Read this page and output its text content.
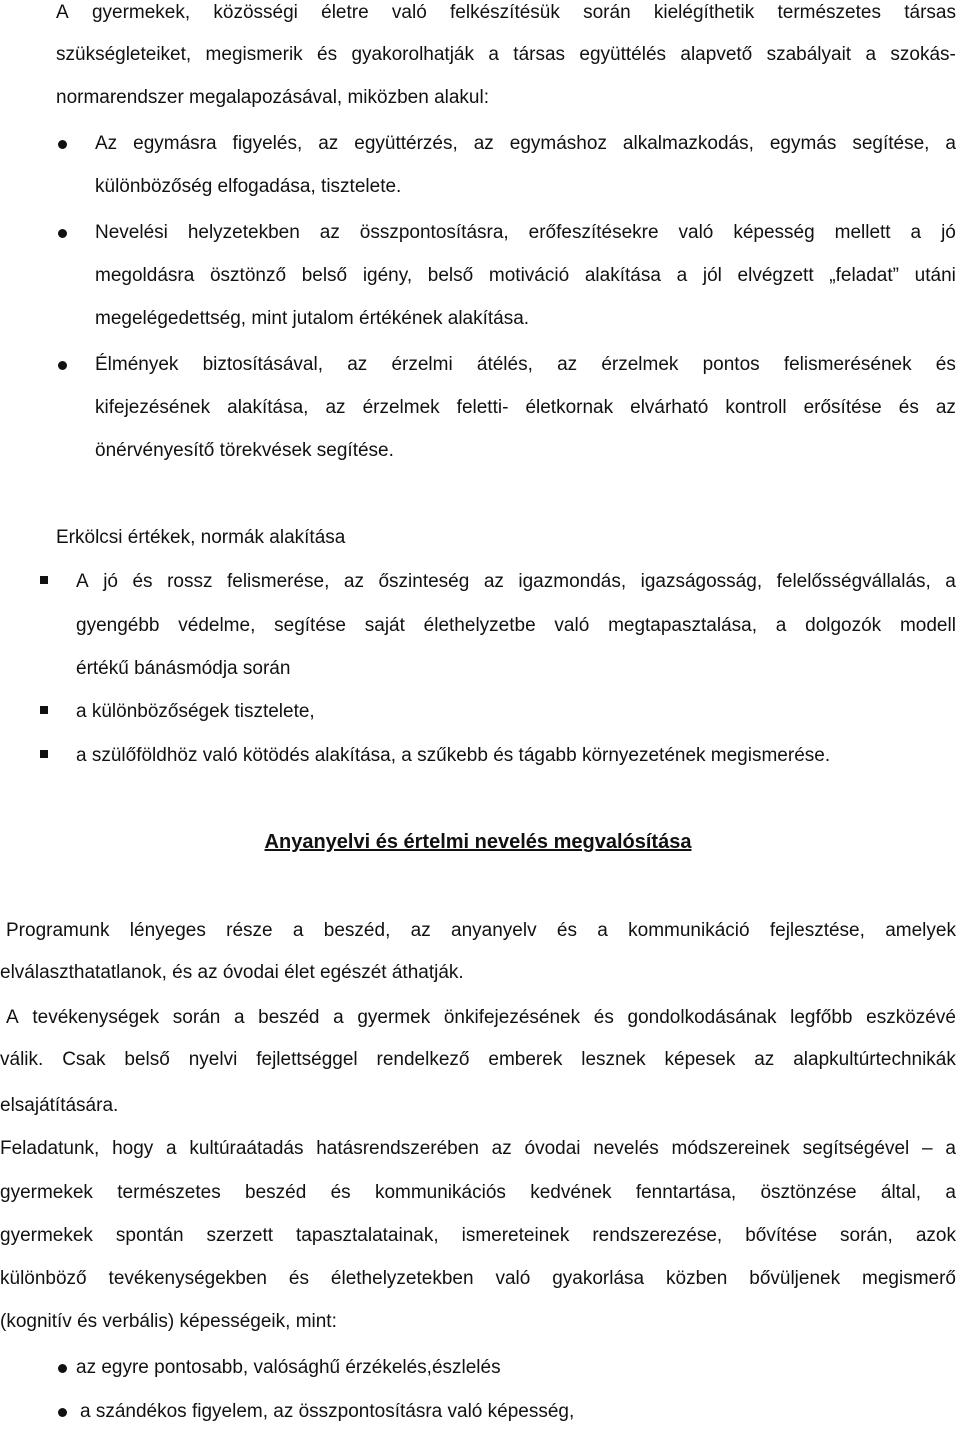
A gyermekek, közösségi életre való felkészítésük során kielégíthetik természetes társas
szükségleteiket, megismerik és gyakorolhatják a társas együttélés alapvető szabályait a szokás-
normarendszer megalapozásával, miközben alakul:
Az egymásra figyelés, az együttérzés, az egymáshoz alkalmazkodás, egymás segítése, a
különbözőség elfogadása, tisztelete.
Nevelési helyzetekben az összpontosításra, erőfeszítésekre való képesség mellett a jó
megoldásra ösztönző belső igény, belső motiváció alakítása a jól elvégzett „feladat” utáni
megelégedettség, mint jutalom értékének alakítása.
Élmények biztosításával, az érzelmi átélés, az érzelmek pontos felismerésének és
kifejezésének alakítása, az érzelmek feletti- életkornak elvárható kontroll erősítése és az
önérvényesítő törekvések segítése.
Erkölcsi értékek, normák alakítása
A jó és rossz felismerése, az őszinteség az igazmondás, igazságosság, felelősségvállalás, a
gyengébb védelme, segítése saját élethelyzetbe való megtapasztalása, a dolgozók modell
értékű bánásmódja során
a különbözőségek tisztelete,
a szülőföldhöz való kötödés alakítása, a szűkebb és tágabb környezetének megismerése.
Anyanyelvi és értelmi nevelés megvalósítása
Programunk lényeges része a beszéd, az anyanyelv és a kommunikáció fejlesztése, amelyek
elválaszthatatlanok, és az óvodai élet egészét áthatják.
A tevékenységek során a beszéd a gyermek önkifejezésének és gondolkodásának legfőbb eszközévé
válik. Csak belső nyelvi fejlettséggel rendelkező emberek lesznek képesek az alapkultúrtechnikák
elsajátítására.
Feladatunk, hogy a kultúraátadás hatásrendszerében az óvodai nevelés módszereinek segítségével – a
gyermekek természetes beszéd és kommunikációs kedvének fenntartása, ösztönzése által, a
gyermekek spontán szerzett tapasztalatainak, ismereteinek rendszerezése, bővítése során, azok
különböző tevékenységekben és élethelyzetekben való gyakorlása közben bővüljenek megismerő
(kognitív és verbális) képességeik, mint:
az egyre pontosabb, valósághű érzékelés,észlelés
a szándékos figyelem, az összpontosításra való képesség,
